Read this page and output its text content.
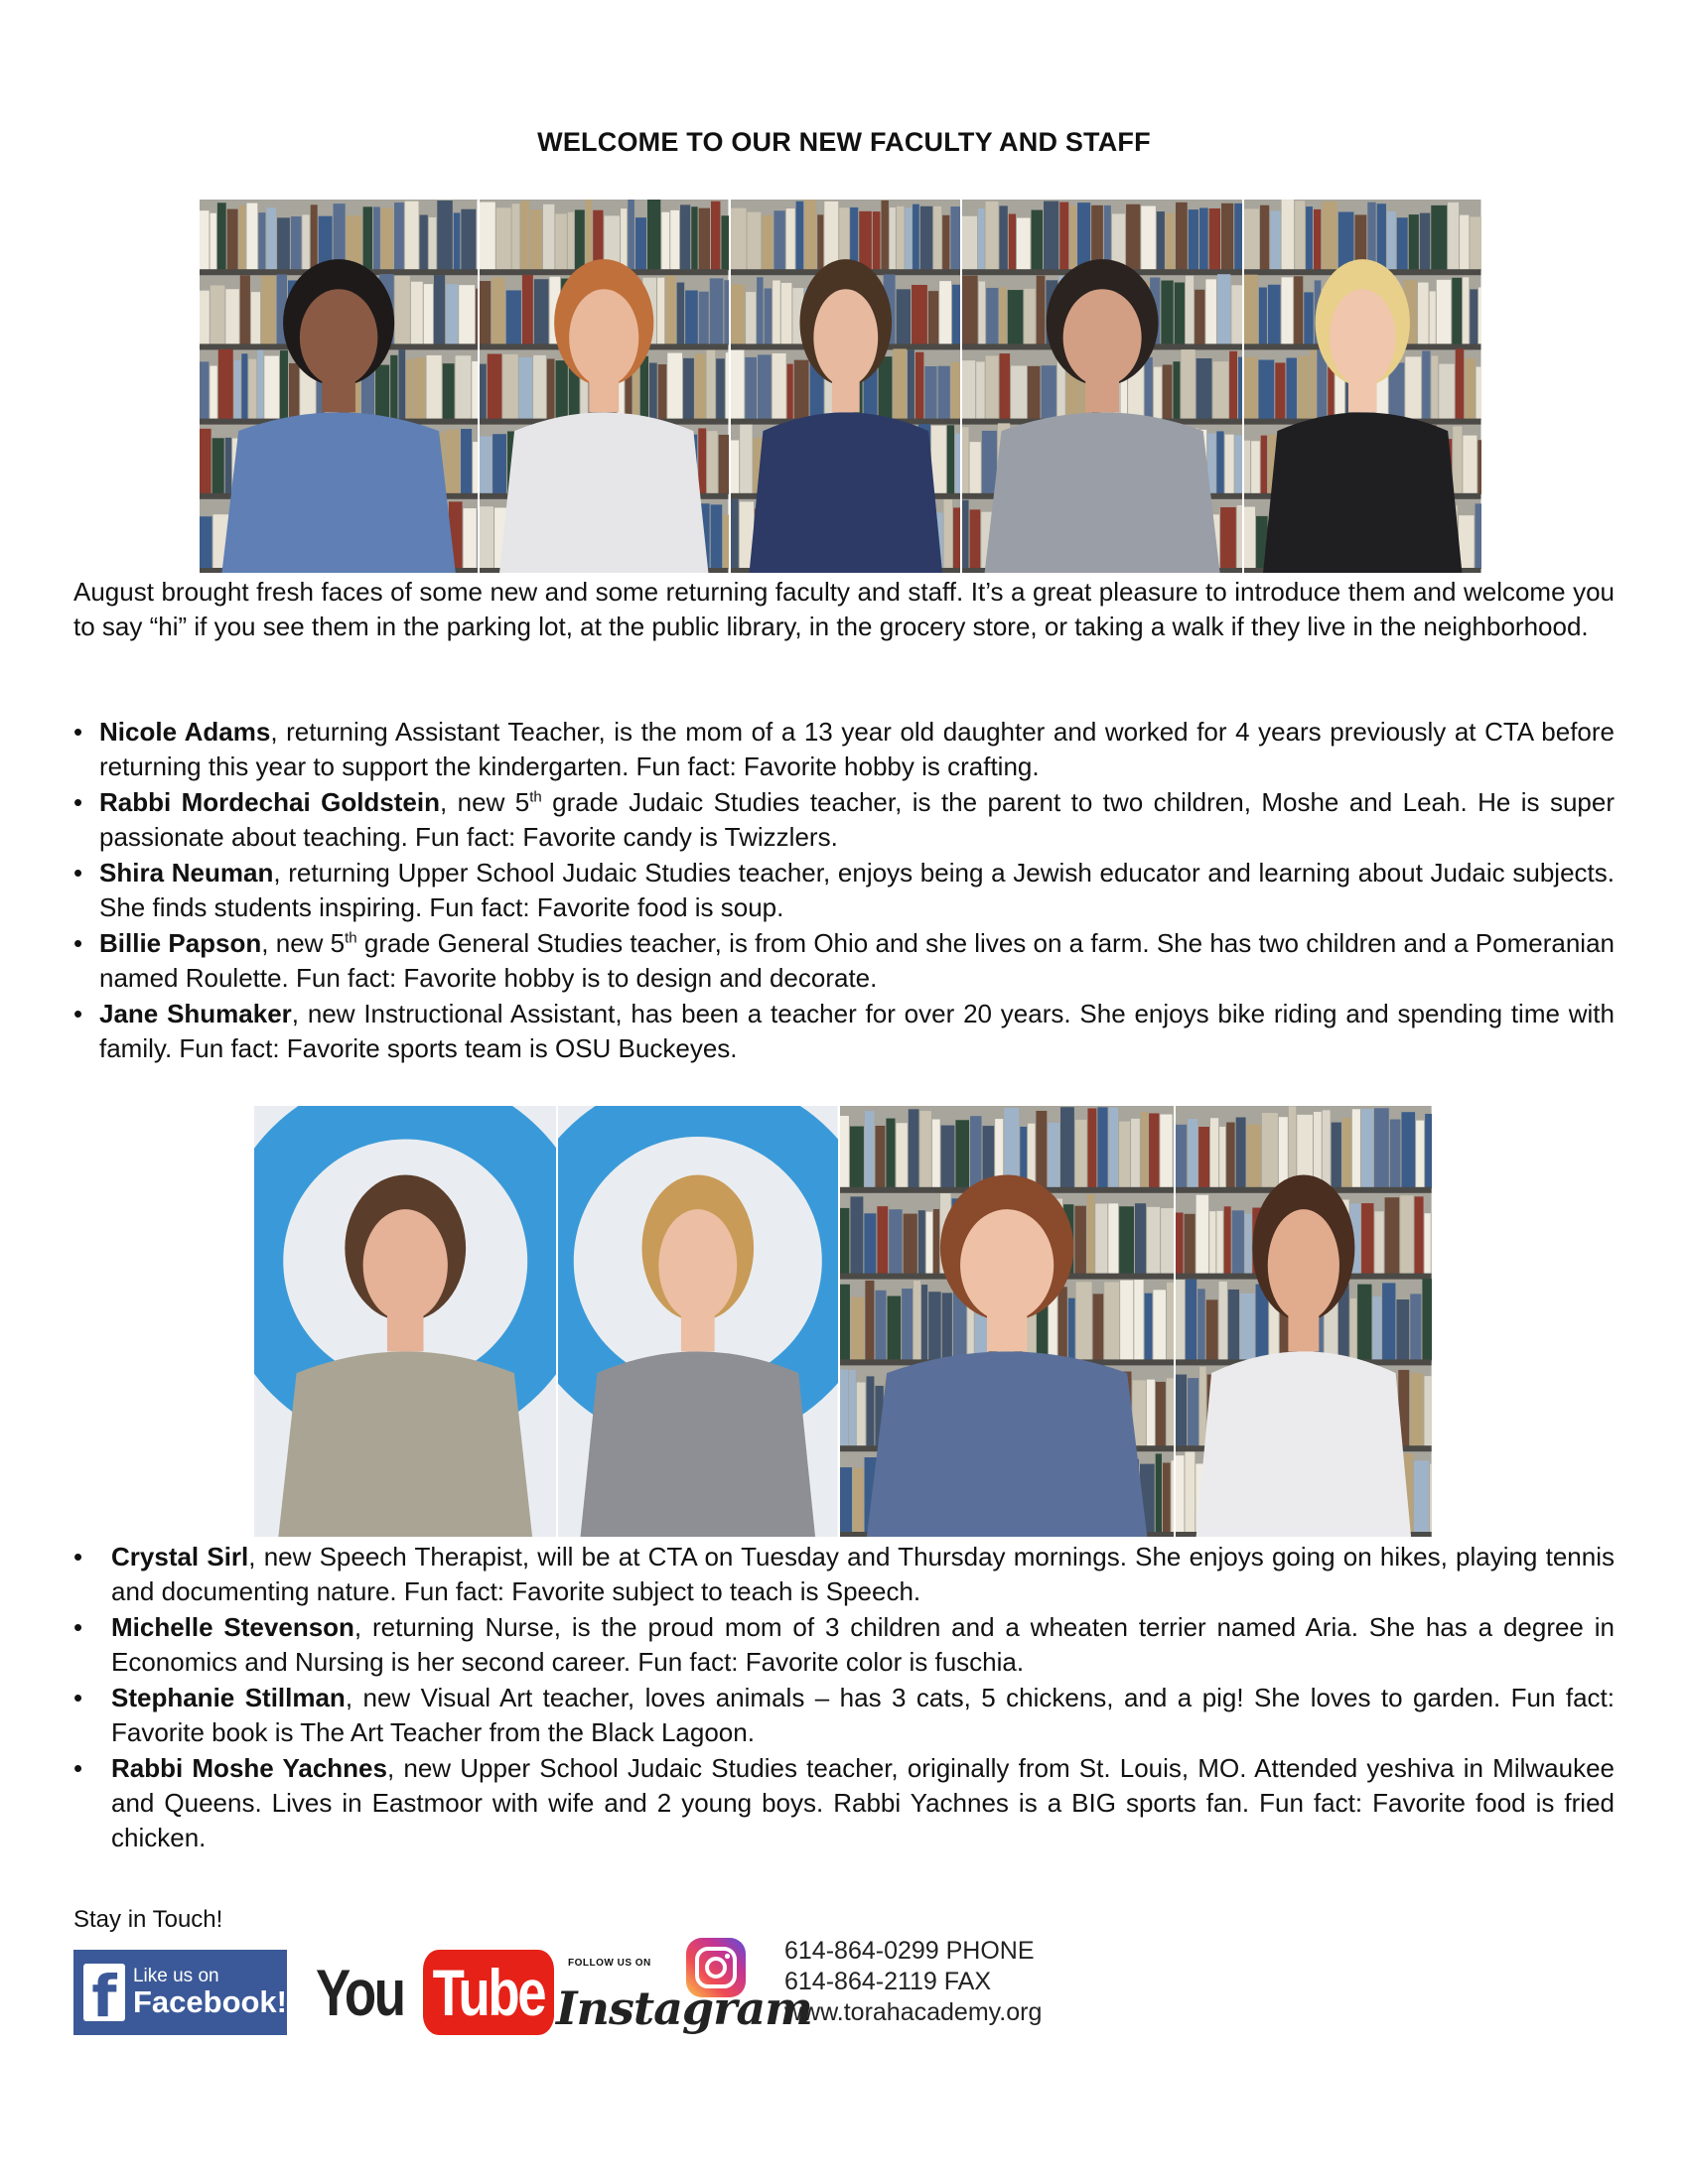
WELCOME TO OUR NEW FACULTY AND STAFF
August brought fresh faces of some new and some returning faculty and staff. It’s a great pleasure to introduce them and welcome you to say “hi” if you see them in the parking lot, at the public library, in the grocery store, or taking a walk if they live in the neighborhood.
• Nicole Adams, returning Assistant Teacher, is the mom of a 13 year old daughter and worked for 4 years previously at CTA before returning this year to support the kindergarten. Fun fact: Favorite hobby is crafting.
• Rabbi Mordechai Goldstein, new 5th grade Judaic Studies teacher, is the parent to two children, Moshe and Leah. He is super passionate about teaching. Fun fact: Favorite candy is Twizzlers.
• Shira Neuman, returning Upper School Judaic Studies teacher, enjoys being a Jewish educator and learning about Judaic subjects. She finds students inspiring. Fun fact: Favorite food is soup.
• Billie Papson, new 5th grade General Studies teacher, is from Ohio and she lives on a farm. She has two children and a Pomeranian named Roulette. Fun fact: Favorite hobby is to design and decorate.
• Jane Shumaker, new Instructional Assistant, has been a teacher for over 20 years. She enjoys bike riding and spending time with family. Fun fact: Favorite sports team is OSU Buckeyes.
• Crystal Sirl, new Speech Therapist, will be at CTA on Tuesday and Thursday mornings. She enjoys going on hikes, playing tennis and documenting nature. Fun fact: Favorite subject to teach is Speech.
• Michelle Stevenson, returning Nurse, is the proud mom of 3 children and a wheaten terrier named Aria. She has a degree in Economics and Nursing is her second career. Fun fact: Favorite color is fuschia.
• Stephanie Stillman, new Visual Art teacher, loves animals – has 3 cats, 5 chickens, and a pig! She loves to garden. Fun fact: Favorite book is The Art Teacher from the Black Lagoon.
• Rabbi Moshe Yachnes, new Upper School Judaic Studies teacher, originally from St. Louis, MO. Attended yeshiva in Milwaukee and Queens. Lives in Eastmoor with wife and 2 young boys. Rabbi Yachnes is a BIG sports fan. Fun fact: Favorite food is fried chicken.
Stay in Touch!
f Like us on
Facebook! You Tube	FOLLOW US ON
Instagram
614-864-0299 PHONE
614-864-2119 FAX
www.torahacademy.org
